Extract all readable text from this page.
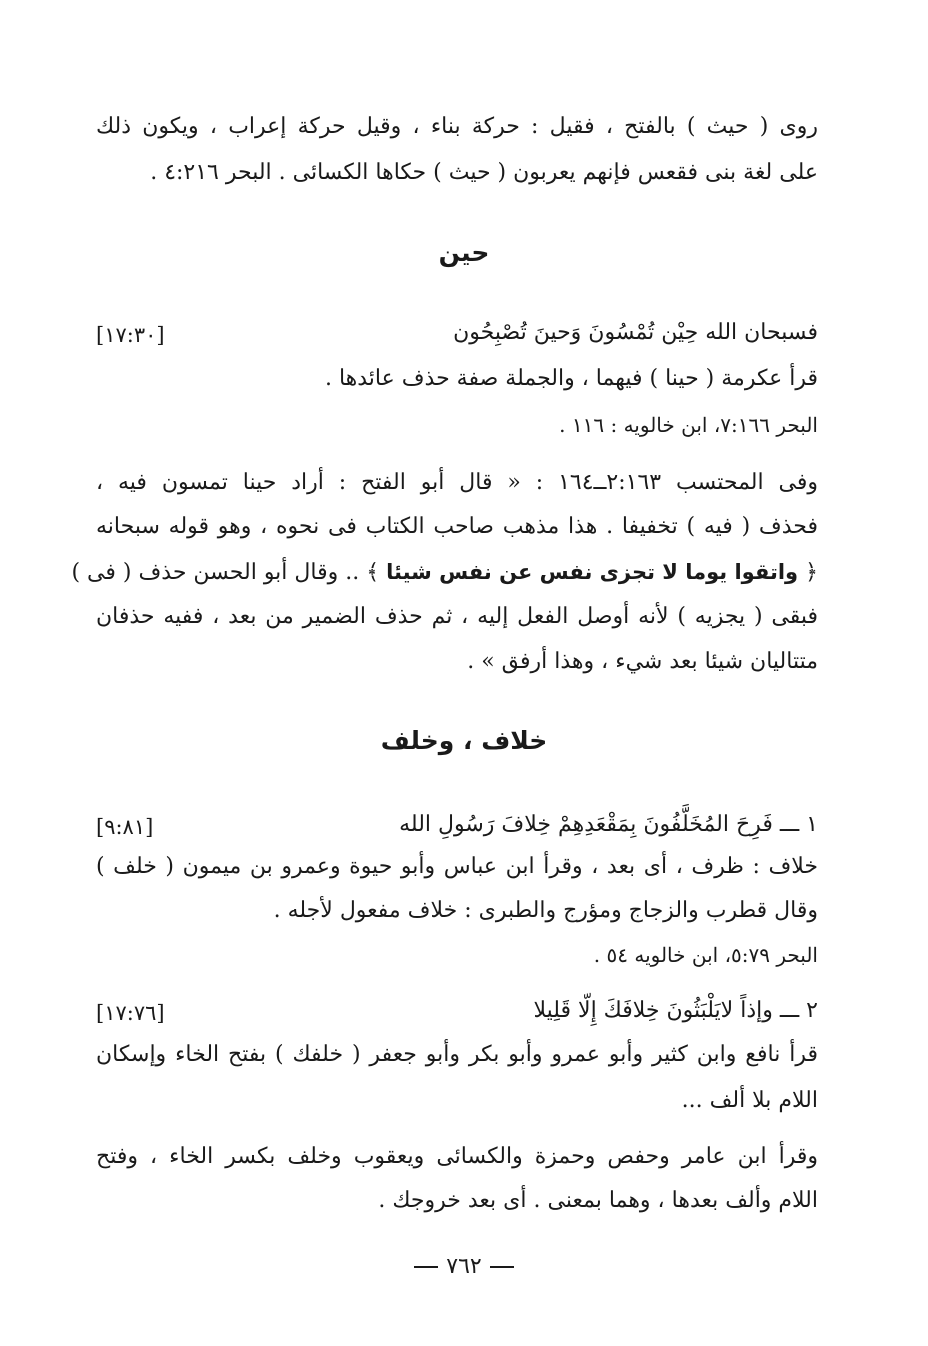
روى ( حيث ) بالفتح ، فقيل : حركة بناء ، وقيل حركة إعراب ، ويكون ذلك
على لغة بنى فقعس فإنهم يعربون ( حيث ) حكاها الكسائى . البحر ٤:٢١٦ .
حين
فسبحان الله حِيْن تُمْسُونَ وَحينَ تُصْبِحُون
[١٧:٣٠]
قرأ عكرمة ( حينا ) فيهما ، والجملة صفة حذف عائدها .
البحر ٧:١٦٦، ابن خالويه : ١١٦ .
وفى المحتسب ٢:١٦٣ــ١٦٤ : « قال أبو الفتح : أراد حينا تمسون فيه ،
فحذف ( فيه ) تخفيفا . هذا مذهب صاحب الكتاب فى نحوه ، وهو قوله سبحانه
﴿ واتقوا يوما لا تجزى نفس عن نفس شيئا ﴾ .. وقال أبو الحسن حذف ( فى )
فبقى ( يجزيه ) لأنه أوصل الفعل إليه ، ثم حذف الضمير من بعد ، ففيه حذفان
متتاليان شيئا بعد شيء ، وهذا أرفق » .
خلاف ، وخلف
١ ـــ فَرِحَ المُخَلَّفُونَ بِمَقْعَدِهِمْ خِلافَ رَسُولِ الله
[٩:٨١]
خلاف : ظرف ، أى بعد ، وقرأ ابن عباس وأبو حيوة وعمرو بن ميمون ( خلف )
وقال قطرب والزجاج ومؤرج والطبرى : خلاف مفعول لأجله .
البحر ٥:٧٩، ابن خالويه ٥٤ .
٢ ـــ وإذاً لايَلْبَثُونَ خِلافَكَ إِلّا قَلِيلا
[١٧:٧٦]
قرأ نافع وابن كثير وأبو عمرو وأبو بكر وأبو جعفر ( خلفك ) بفتح الخاء وإسكان
اللام بلا ألف ...
وقرأ ابن عامر وحفص وحمزة والكسائى ويعقوب وخلف بكسر الخاء ، وفتح
اللام وألف بعدها ، وهما بمعنى . أى بعد خروجك .
٧٦٢
